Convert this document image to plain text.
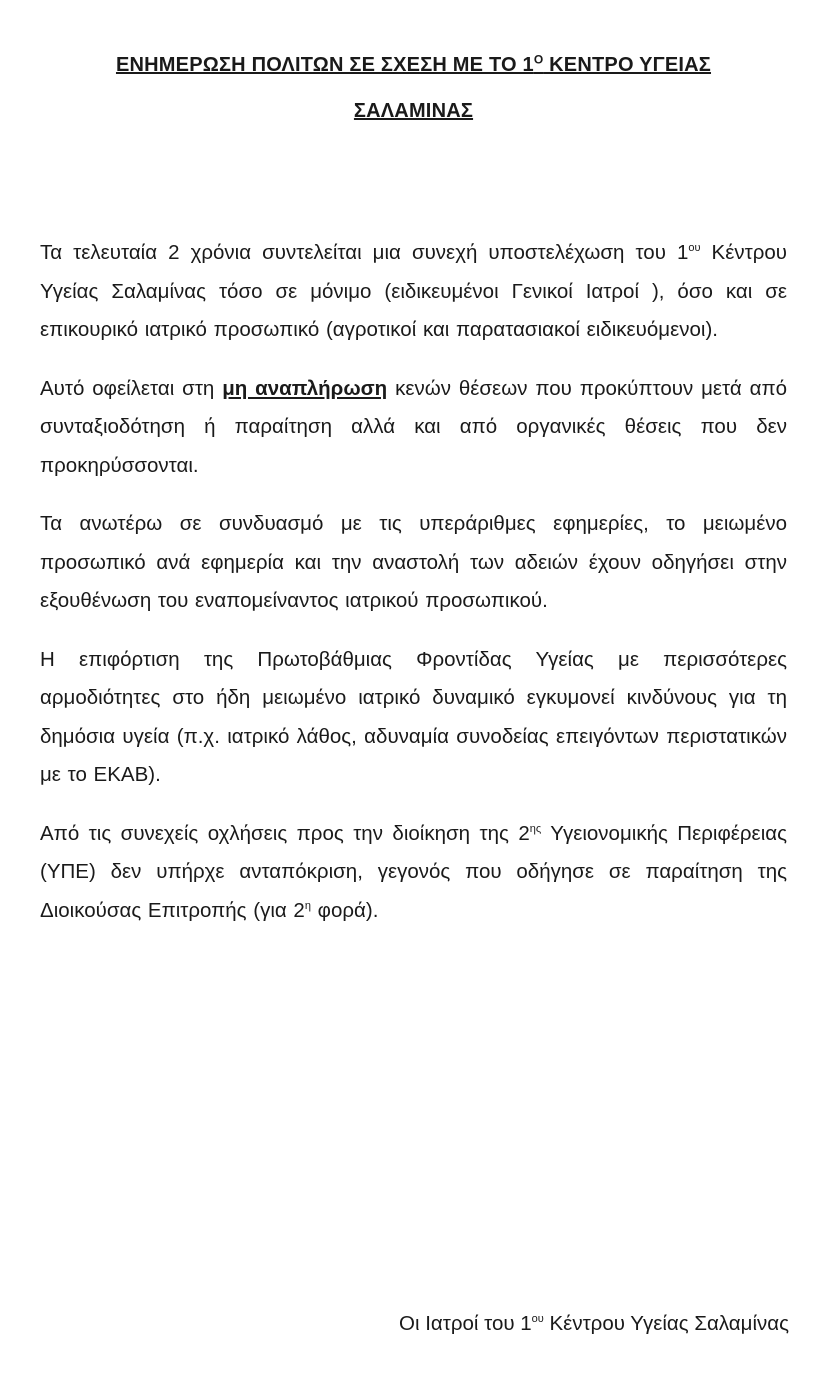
ΕΝΗΜΕΡΩΣΗ ΠΟΛΙΤΩΝ ΣΕ ΣΧΕΣΗ ΜΕ ΤΟ $1^O$ ΚΕΝΤΡΟ ΥΓΕΙΑΣ
ΣΑΛΑΜΙΝΑΣ

Τα τελευταία 2 χρόνια συντελείται μια συνεχή υποστελέχωση του $1^{o\upsilon}$ Κέντρου Υγείας Σαλαμίνας τόσο σε μόνιμο (ειδικευμένοι Γενικοί Ιατροί ), όσο και σε επικουρικό ιατρικό προσωπικό (αγροτικοί και παρατασιακοί ειδικευόμενοι).

Αυτό οφείλεται στη μη αναπλήρωση κενών θέσεων που προκύπτουν μετά από συνταξιοδότηση ή παραίτηση αλλά και από οργανικές θέσεις που δεν προκηρύσσονται.

Τα ανωτέρω σε συνδυασμό με τις υπεράριθμες εφημερίες, το μειωμένο προσωπικό ανά εφημερία και την αναστολή των αδειών έχουν οδηγήσει στην εξουθένωση του εναπομείναντος ιατρικού προσωπικού.

Η επιφόρτιση της Πρωτοβάθμιας Φροντίδας Υγείας με περισσότερες αρμοδιότητες στο ήδη μειωμένο ιατρικό δυναμικό εγκυμονεί κινδύνους για τη δημόσια υγεία (π.χ. ιατρικό λάθος, αδυναμία συνοδείας επειγόντων περιστατικών με το ΕΚΑΒ).

Από τις συνεχείς οχλήσεις προς την διοίκηση της $2^{\eta\varsigma}$ Υγειονομικής Περιφέρειας (ΥΠΕ) δεν υπήρχε ανταπόκριση, γεγονός που οδήγησε σε παραίτηση της Διοικούσας Επιτροπής (για $2^\eta$ φορά).

Οι Ιατροί του $1^{o\upsilon}$ Κέντρου Υγείας Σαλαμίνας
